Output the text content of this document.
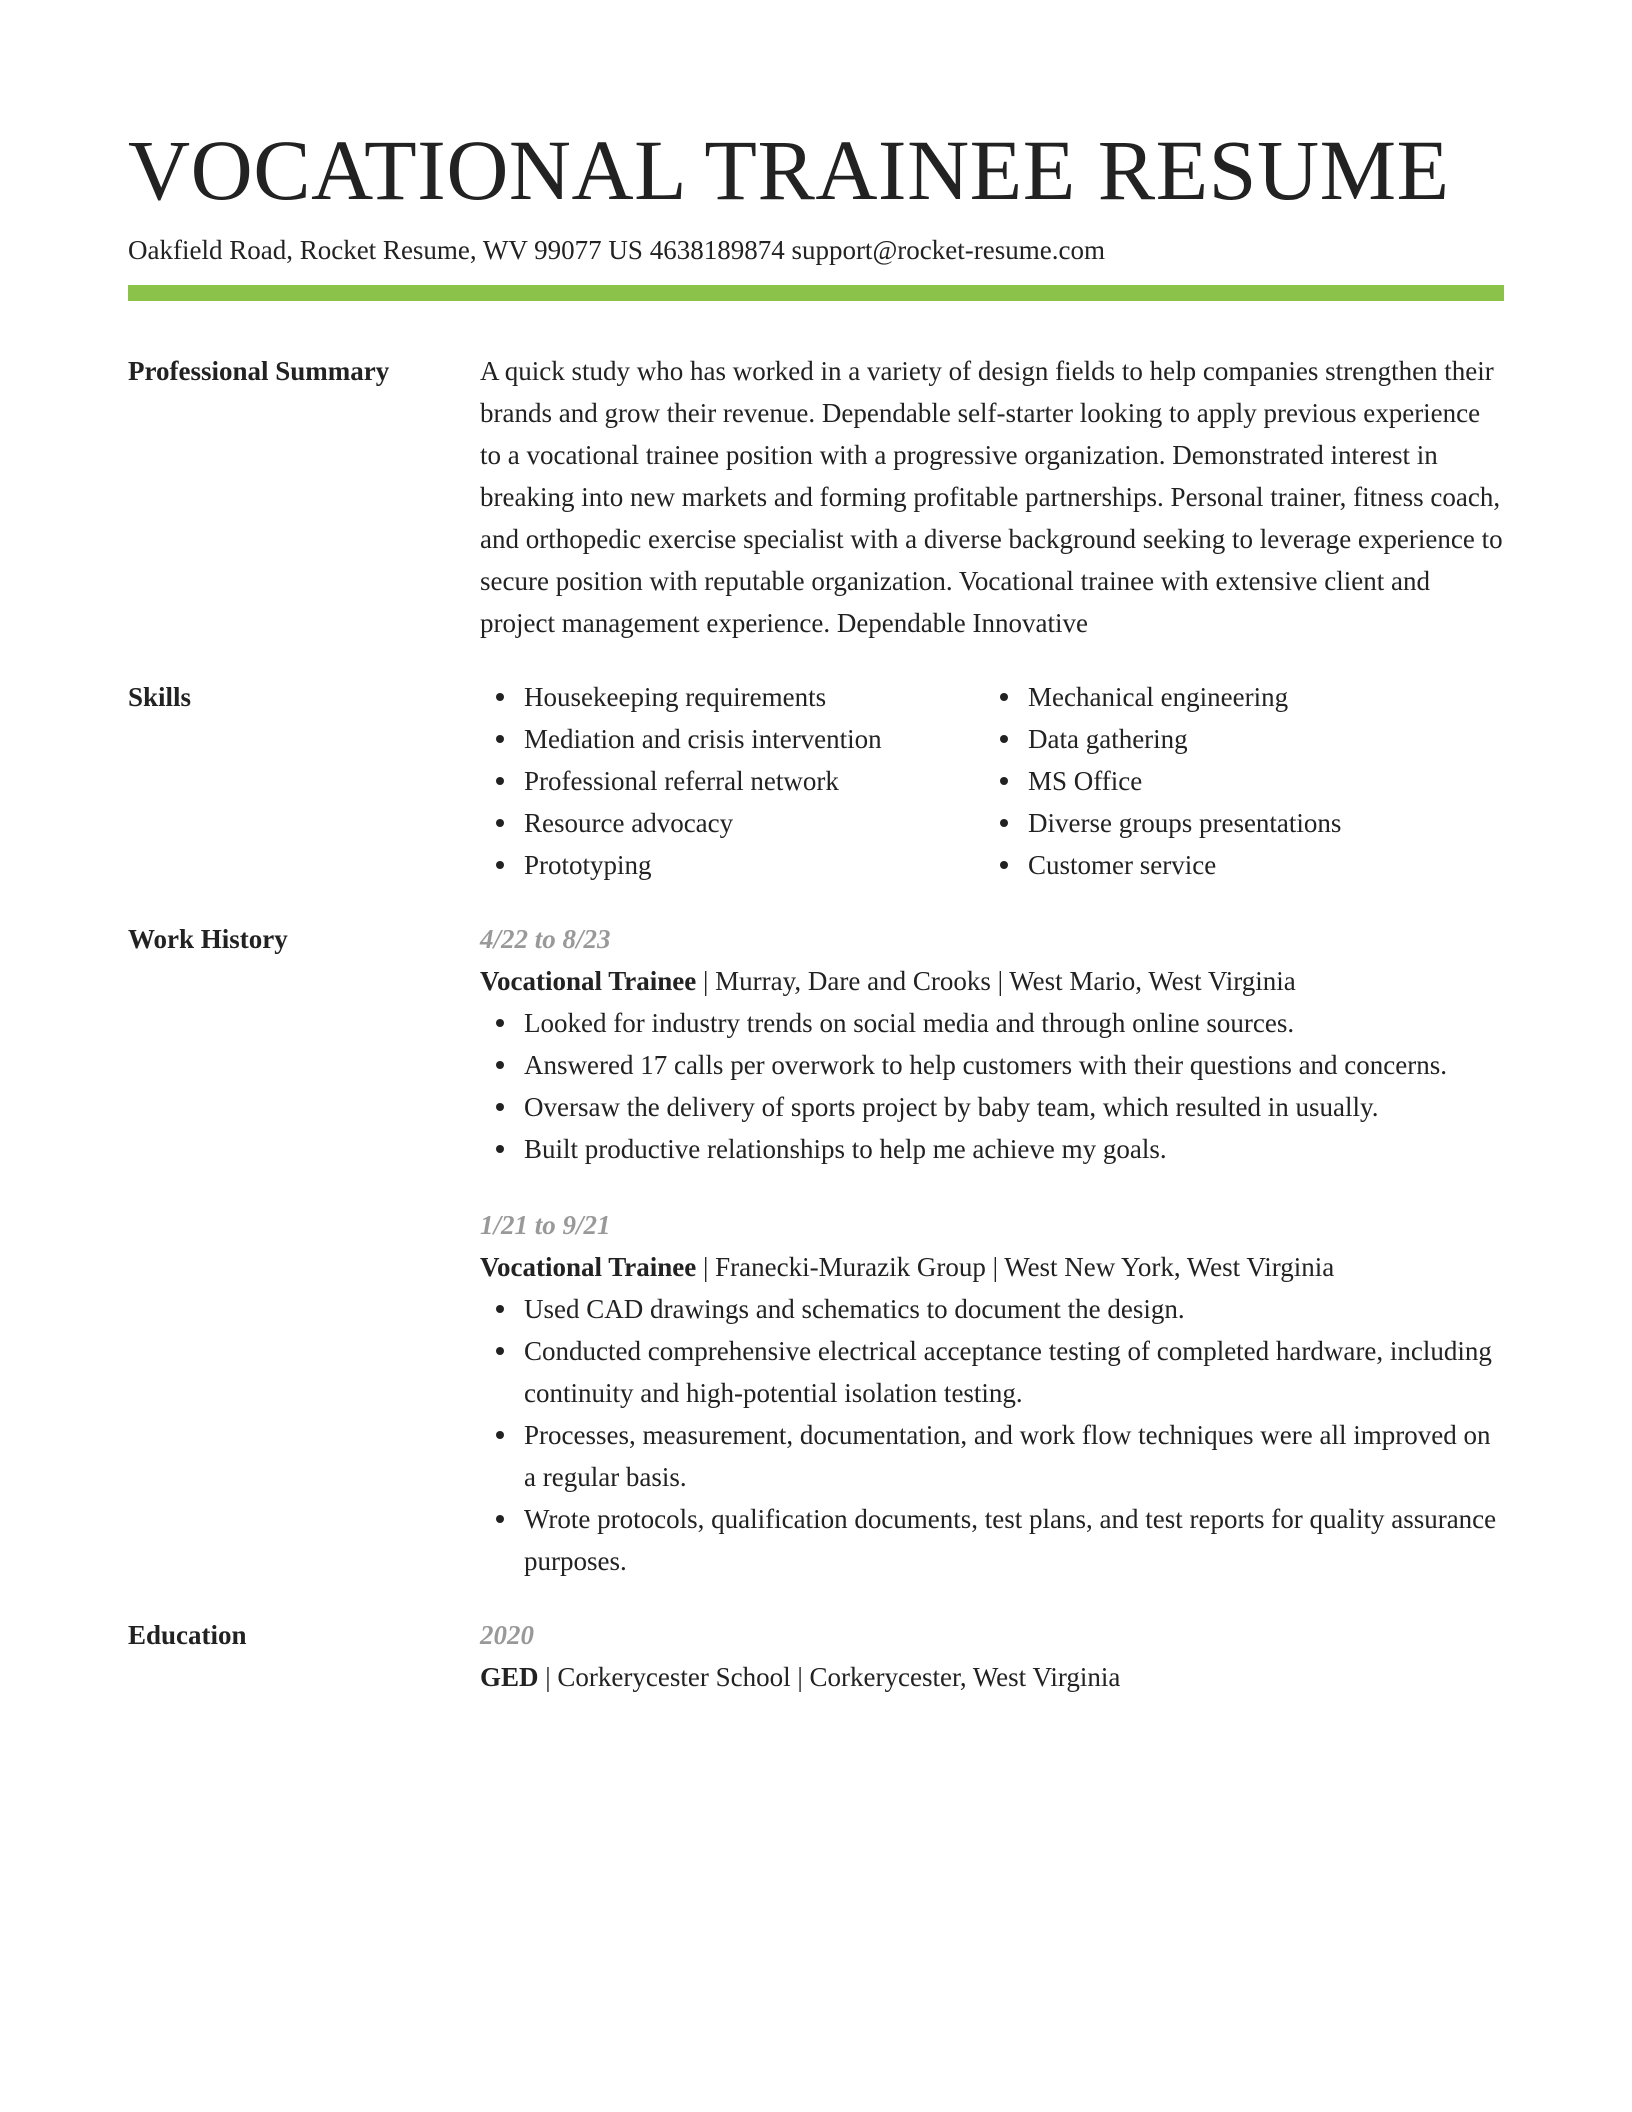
VOCATIONAL TRAINEE RESUME
Oakfield Road, Rocket Resume, WV 99077 US 4638189874 support@rocket-resume.com
Professional Summary	A quick study who has worked in a variety of design fields to help companies strengthen their brands and grow their revenue. Dependable self-starter looking to apply previous experience to a vocational trainee position with a progressive organization. Demonstrated interest in breaking into new markets and forming profitable partnerships. Personal trainer, fitness coach, and orthopedic exercise specialist with a diverse background seeking to leverage experience to secure position with reputable organization. Vocational trainee with extensive client and project management experience. Dependable Innovative
Skills	Housekeeping requirements
Mediation and crisis intervention
Professional referral network
Resource advocacy
Prototyping
Mechanical engineering
Data gathering
MS Office
Diverse groups presentations
Customer service
Work History	4/22 to 8/23
Vocational Trainee | Murray, Dare and Crooks | West Mario, West Virginia
Looked for industry trends on social media and through online sources.
Answered 17 calls per overwork to help customers with their questions and concerns.
Oversaw the delivery of sports project by baby team, which resulted in usually.
Built productive relationships to help me achieve my goals.
1/21 to 9/21
Vocational Trainee | Franecki-Murazik Group | West New York, West Virginia
Used CAD drawings and schematics to document the design.
Conducted comprehensive electrical acceptance testing of completed hardware, including continuity and high-potential isolation testing.
Processes, measurement, documentation, and work flow techniques were all improved on a regular basis.
Wrote protocols, qualification documents, test plans, and test reports for quality assurance purposes.
Education	2020
GED | Corkerycester School | Corkerycester, West Virginia
